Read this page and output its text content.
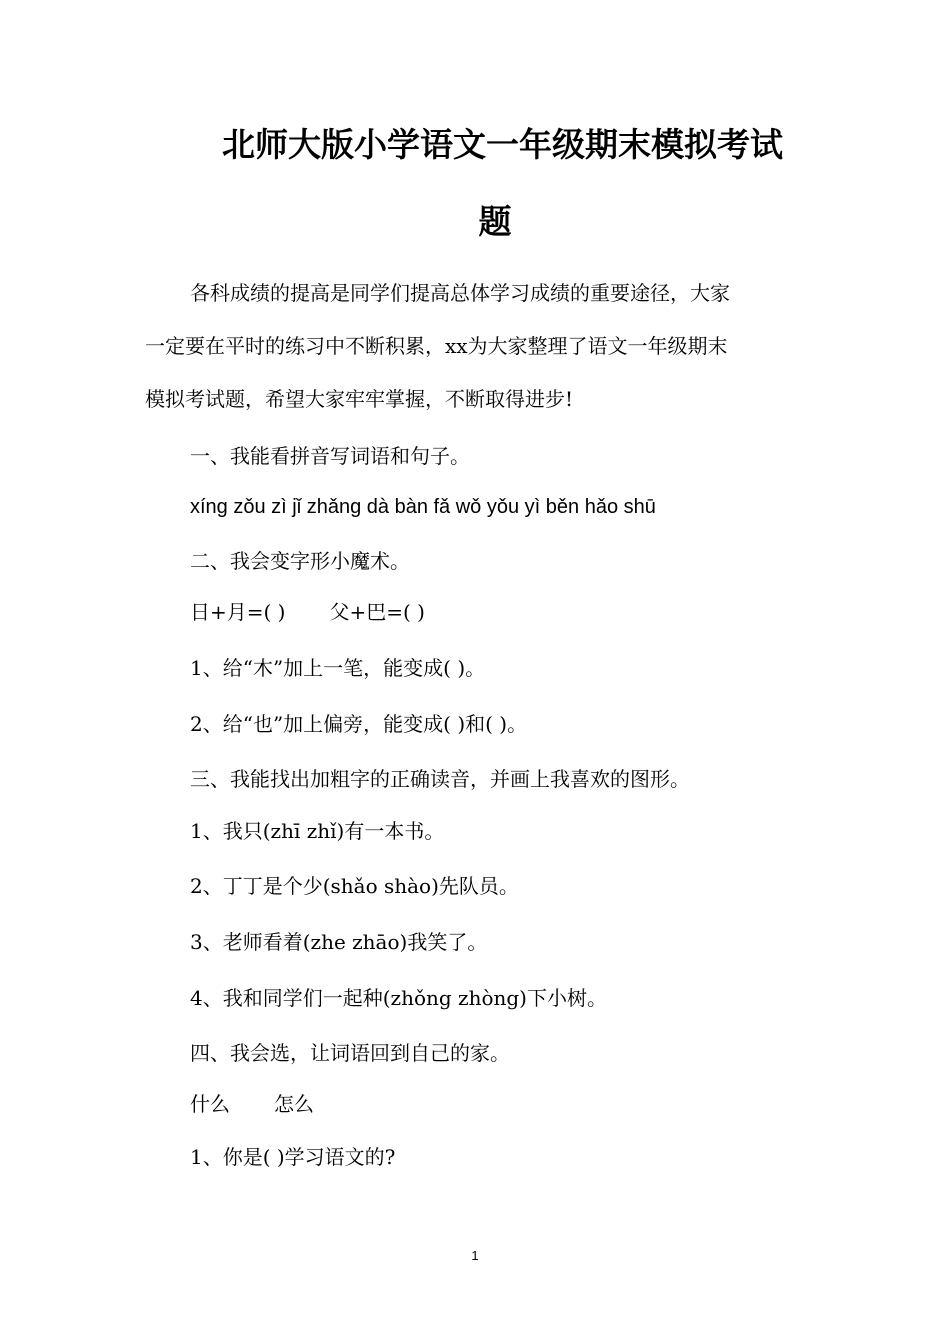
北师大版小学语文一年级期末模拟考试
题

各科成绩的提高是同学们提高总体学习成绩的重要途径，大家

一定要在平时的练习中不断积累，xx为大家整理了语文一年级期末

模拟考试题，希望大家牢牢掌握，不断取得进步!

一、我能看拼音写词语和句子。

xíng zǒu zì jǐ zhǎng dà bàn fǎ wǒ yǒu yì běn hǎo shū

二、我会变字形小魔术。

日+月=( ) 父+巴=( )

1、给“木”加上一笔，能变成( )。

2、给“也”加上偏旁，能变成( )和( )。

三、我能找出加粗字的正确读音，并画上我喜欢的图形。

1、我只(zhī zhǐ)有一本书。

2、丁丁是个少(shǎo shào)先队员。

3、老师看着(zhe zhāo)我笑了。

4、我和同学们一起种(zhǒng zhòng)下小树。

四、我会选，让词语回到自己的家。

什么 怎么

1、你是( )学习语文的?

1
